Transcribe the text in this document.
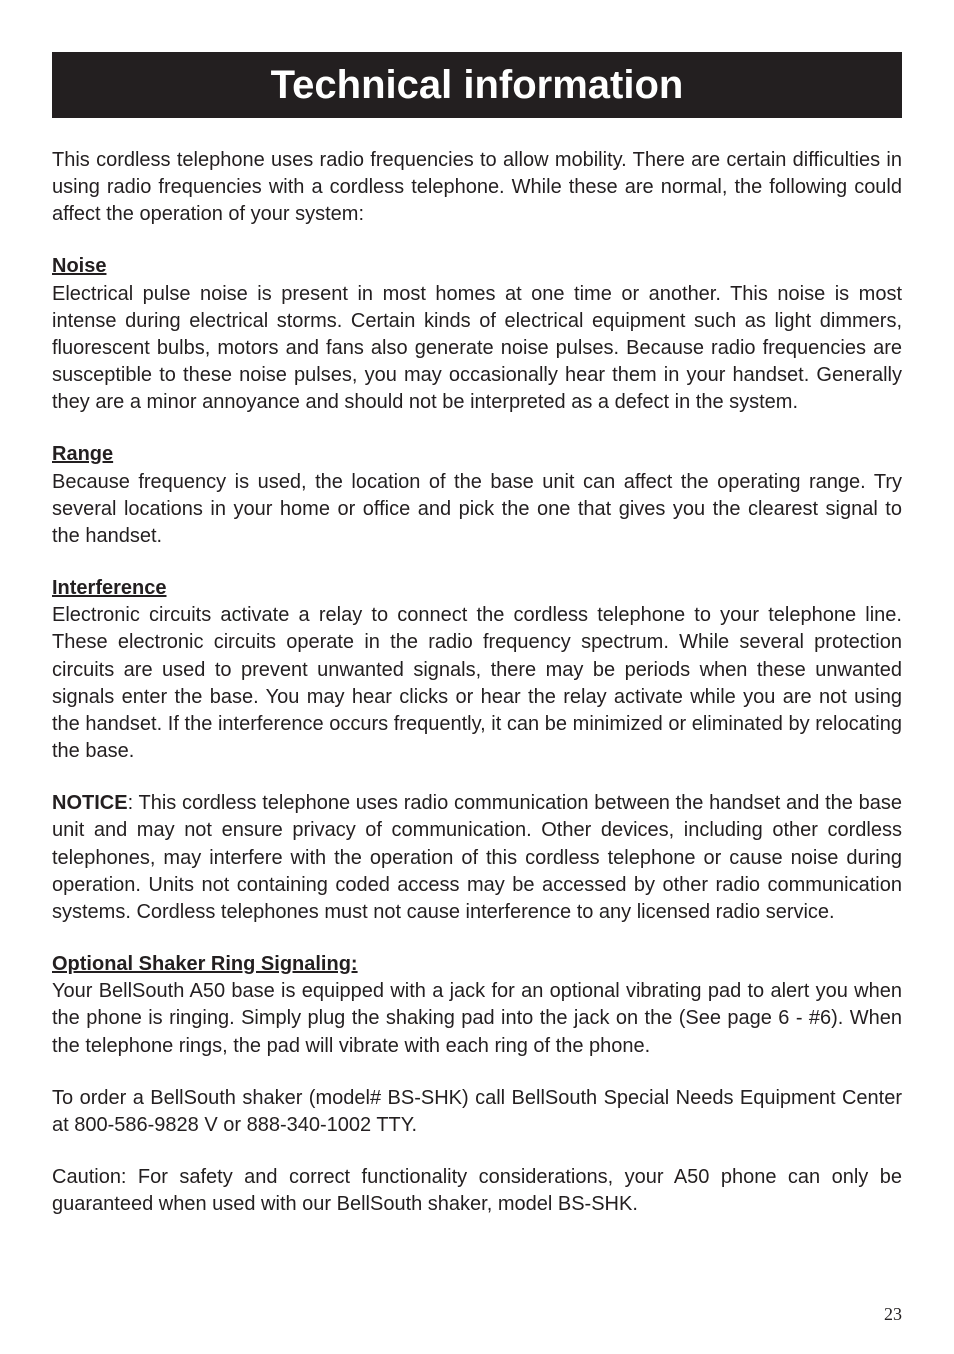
Technical information

This cordless telephone uses radio frequencies to allow mobility. There are certain difficulties in using radio frequencies with a cordless telephone. While these are normal, the following could affect the operation of your system:

Noise

Electrical pulse noise is present in most homes at one time or another. This noise is most intense during electrical storms. Certain kinds of electrical equipment such as light dimmers, fluorescent bulbs, motors and fans also generate noise pulses. Because radio frequencies are susceptible to these noise pulses, you may occasionally hear them in your handset. Generally they are a minor annoyance and should not be interpreted as a defect in the system.

Range

Because frequency is used, the location of the base unit can affect the operating range. Try several locations in your home or office and pick the one that gives you the clearest signal to the handset.

Interference

Electronic circuits activate a relay to connect the cordless telephone to your telephone line. These electronic circuits operate in the radio frequency spectrum. While several protection circuits are used to prevent unwanted signals, there may be periods when these unwanted signals enter the base. You may hear clicks or hear the relay activate while you are not using the handset. If the interference occurs frequently, it can be minimized or eliminated by relocating the base.

NOTICE: This cordless telephone uses radio communication between the handset and the base unit and may not ensure privacy of communication. Other devices, including other cordless telephones, may interfere with the operation of this cordless telephone or cause noise during operation. Units not containing coded access may be accessed by other radio communication systems. Cordless telephones must not cause interference to any licensed radio service.

Optional Shaker Ring Signaling:

Your BellSouth A50 base is equipped with a jack for an optional vibrating pad to alert you when the phone is ringing. Simply plug the shaking pad into the jack on the (See page 6 - #6). When the telephone rings, the pad will vibrate with each ring of the phone.

To order a BellSouth shaker (model# BS-SHK) call BellSouth Special Needs Equipment Center at 800-586-9828 V or 888-340-1002 TTY.

Caution: For safety and correct functionality considerations, your A50 phone can only be guaranteed when used with our BellSouth shaker, model BS-SHK.

23
